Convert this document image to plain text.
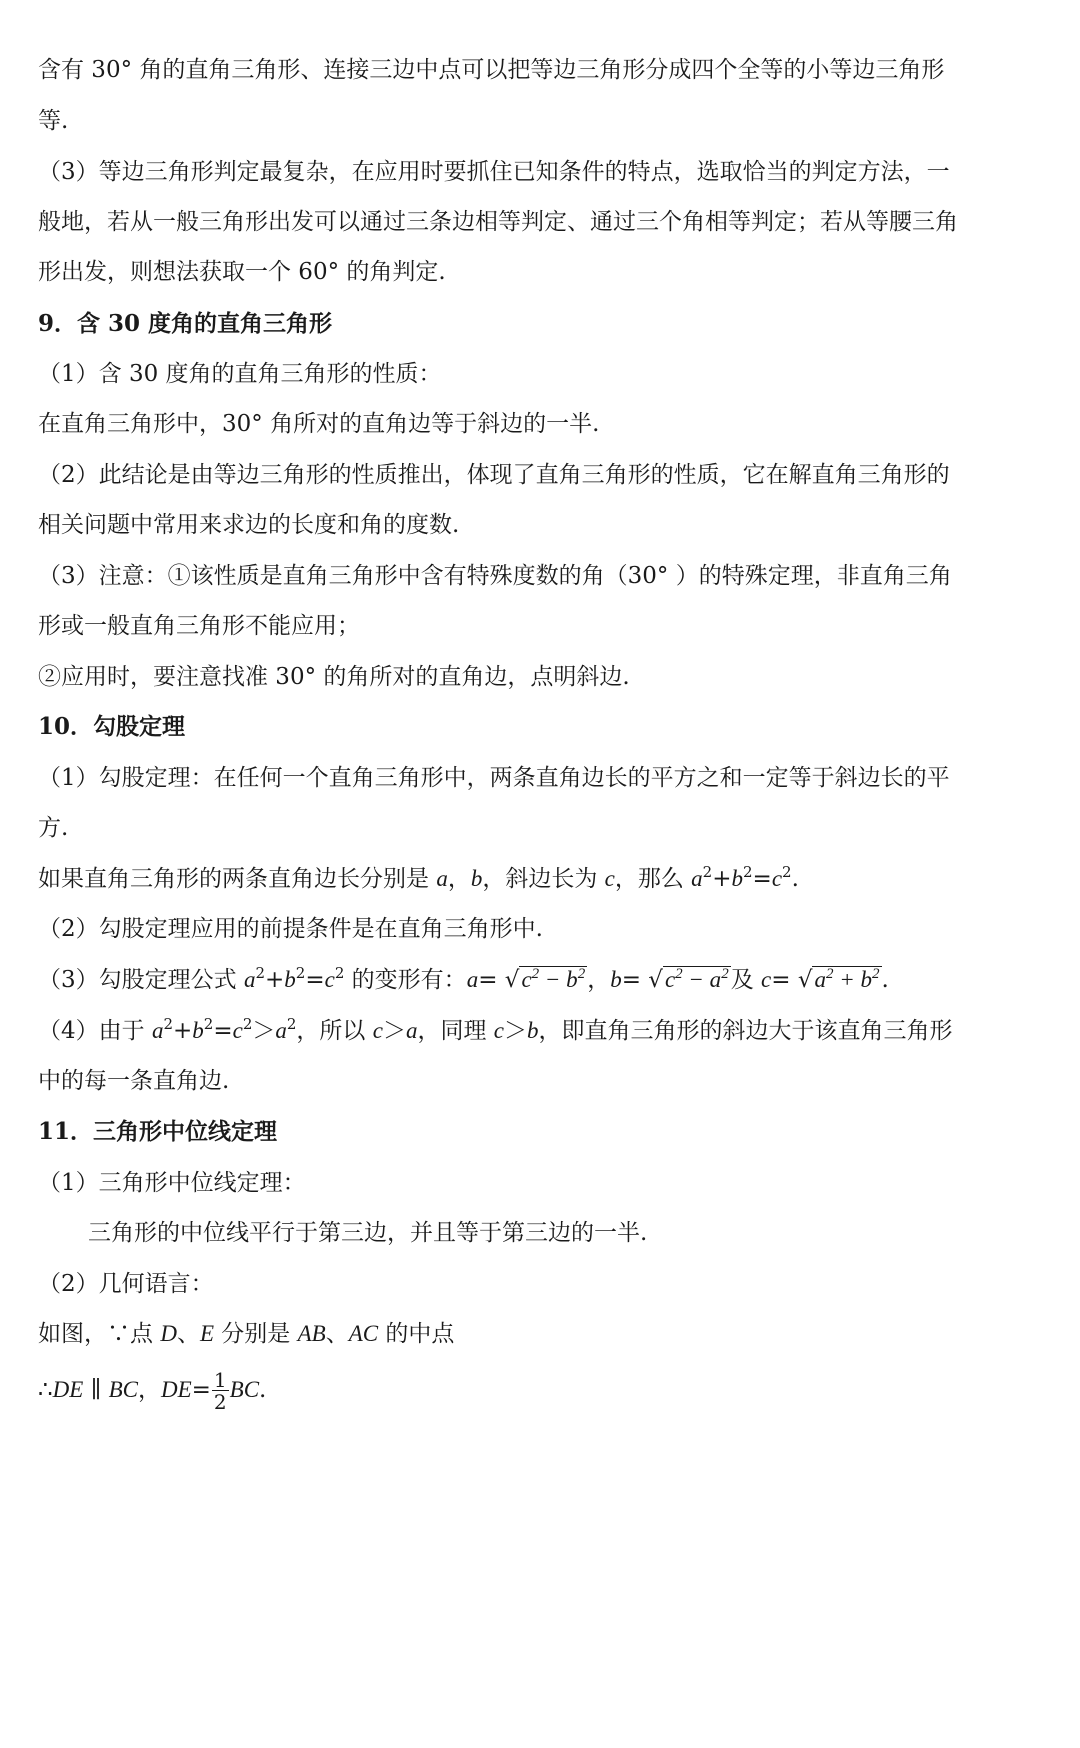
含有 30° 角的直角三角形、连接三边中点可以把等边三角形分成四个全等的小等边三角形
等.
（3）等边三角形判定最复杂，在应用时要抓住已知条件的特点，选取恰当的判定方法，一
般地，若从一般三角形出发可以通过三条边相等判定、通过三个角相等判定；若从等腰三角
形出发，则想法获取一个 60° 的角判定.
9．含 30 度角的直角三角形
（1）含 30 度角的直角三角形的性质：
在直角三角形中，30° 角所对的直角边等于斜边的一半.
（2）此结论是由等边三角形的性质推出，体现了直角三角形的性质，它在解直角三角形的
相关问题中常用来求边的长度和角的度数.
（3）注意：①该性质是直角三角形中含有特殊度数的角（30° ）的特殊定理，非直角三角
形或一般直角三角形不能应用；
②应用时，要注意找准 30° 的角所对的直角边，点明斜边.
10．勾股定理
（1）勾股定理：在任何一个直角三角形中，两条直角边长的平方之和一定等于斜边长的平
方.
如果直角三角形的两条直角边长分别是 a，b，斜边长为 c，那么 $a^2+b^2=c^2$.
（2）勾股定理应用的前提条件是在直角三角形中.
（3）勾股定理公式 $a^2+b^2=c^2$ 的变形有：$a= √c^2 - b^2$，$b= √c^2 - a^2$及 $c= √a^2 + b^2$.
（4）由于 $a^2+b^2=c^2>a^2$，所以 c＞a，同理 c＞b，即直角三角形的斜边大于该直角三角形
中的每一条直角边.
11．三角形中位线定理
（1）三角形中位线定理：
三角形的中位线平行于第三边，并且等于第三边的一半.
（2）几何语言：
如图，∵点 D、E 分别是 AB、AC 的中点
∴DE ∥ BC，$DE= \frac{1}{2}$ BC.
